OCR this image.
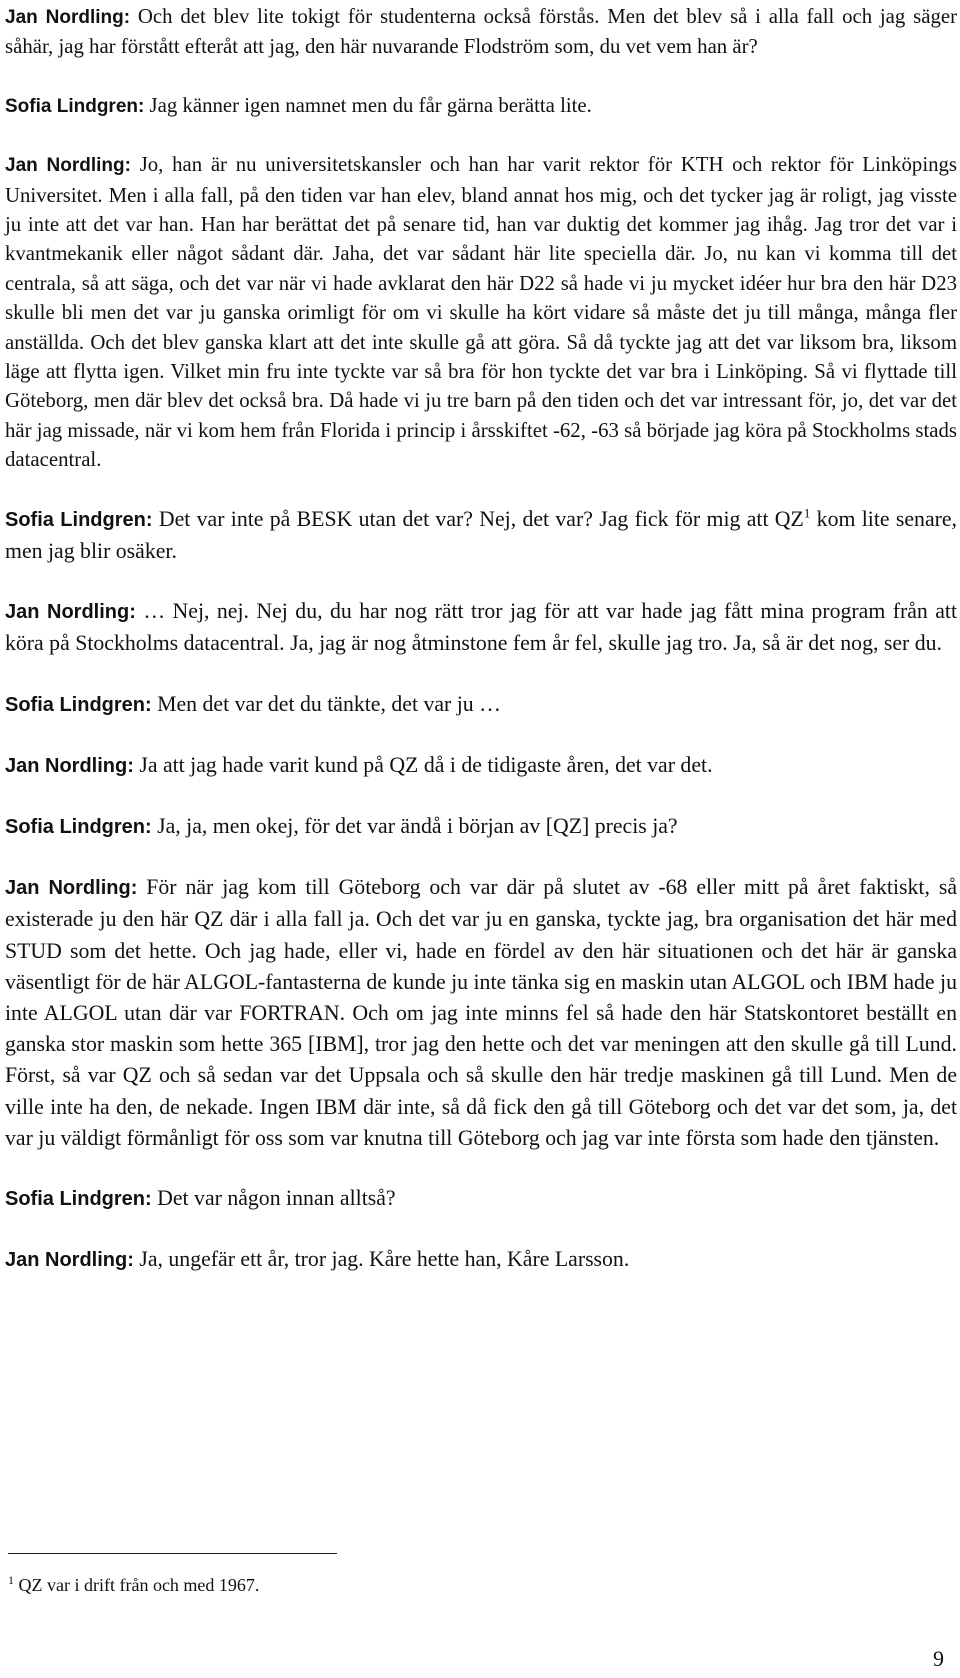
Jan Nordling: Och det blev lite tokigt för studenterna också förstås. Men det blev så i alla fall och jag säger såhär, jag har förstått efteråt att jag, den här nuvarande Flodström som, du vet vem han är?

Sofia Lindgren: Jag känner igen namnet men du får gärna berätta lite.

Jan Nordling: Jo, han är nu universitetskansler och han har varit rektor för KTH och rektor för Linköpings Universitet. Men i alla fall, på den tiden var han elev, bland annat hos mig, och det tycker jag är roligt, jag visste ju inte att det var han. Han har berättat det på senare tid, han var duktig det kommer jag ihåg. Jag tror det var i kvantmekanik eller något sådant där. Jaha, det var sådant här lite speciella där. Jo, nu kan vi komma till det centrala, så att säga, och det var när vi hade avklarat den här D22 så hade vi ju mycket idéer hur bra den här D23 skulle bli men det var ju ganska orimligt för om vi skulle ha kört vidare så måste det ju till många, många fler anställda. Och det blev ganska klart att det inte skulle gå att göra. Så då tyckte jag att det var liksom bra, liksom läge att flytta igen. Vilket min fru inte tyckte var så bra för hon tyckte det var bra i Linköping. Så vi flyttade till Göteborg, men där blev det också bra. Då hade vi ju tre barn på den tiden och det var intressant för, jo, det var det här jag missade, när vi kom hem från Florida i princip i årsskiftet -62, -63 så började jag köra på Stockholms stads datacentral.

Sofia Lindgren: Det var inte på BESK utan det var? Nej, det var? Jag fick för mig att $QZ^1$ kom lite senare, men jag blir osäker.

Jan Nordling: … Nej, nej. Nej du, du har nog rätt tror jag för att var hade jag fått mina program från att köra på Stockholms datacentral. Ja, jag är nog åtminstone fem år fel, skulle jag tro. Ja, så är det nog, ser du.

Sofia Lindgren: Men det var det du tänkte, det var ju …

Jan Nordling: Ja att jag hade varit kund på QZ då i de tidigaste åren, det var det.

Sofia Lindgren: Ja, ja, men okej, för det var ändå i början av [QZ] precis ja?

Jan Nordling: För när jag kom till Göteborg och var där på slutet av -68 eller mitt på året faktiskt, så existerade ju den här QZ där i alla fall ja. Och det var ju en ganska, tyckte jag, bra organisation det här med STUD som det hette. Och jag hade, eller vi, hade en fördel av den här situationen och det här är ganska väsentligt för de här ALGOL-fantasterna de kunde ju inte tänka sig en maskin utan ALGOL och IBM hade ju inte ALGOL utan där var FORTRAN. Och om jag inte minns fel så hade den här Statskontoret beställt en ganska stor maskin som hette 365 [IBM], tror jag den hette och det var meningen att den skulle gå till Lund. Först, så var QZ och så sedan var det Uppsala och så skulle den här tredje maskinen gå till Lund. Men de ville inte ha den, de nekade. Ingen IBM där inte, så då fick den gå till Göteborg och det var det som, ja, det var ju väldigt förmånligt för oss som var knutna till Göteborg och jag var inte första som hade den tjänsten.

Sofia Lindgren: Det var någon innan alltså?

Jan Nordling: Ja, ungefär ett år, tror jag. Kåre hette han, Kåre Larsson.

$^1$ QZ var i drift från och med 1967.
9
